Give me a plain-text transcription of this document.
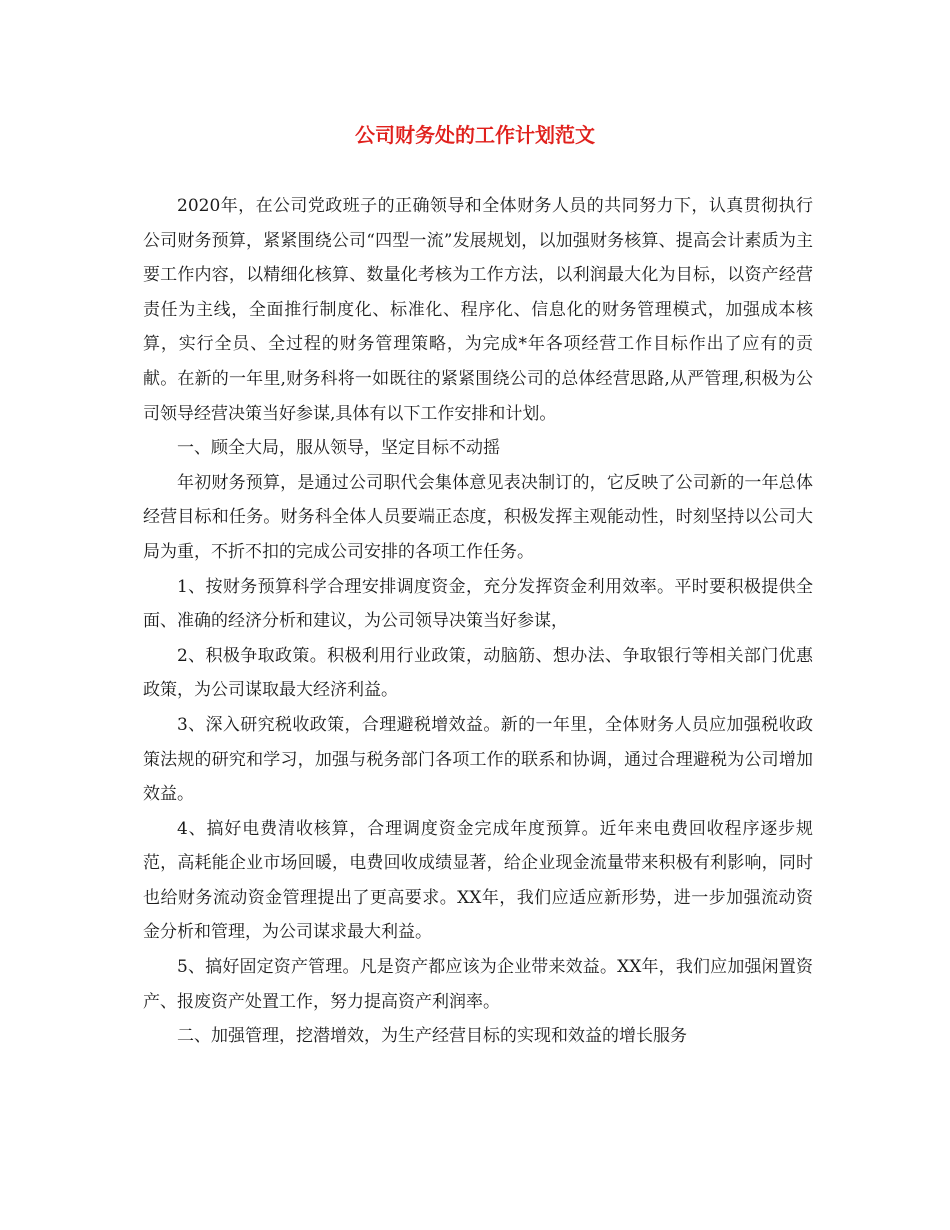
公司财务处的工作计划范文

2020年，在公司党政班子的正确领导和全体财务人员的共同努力下，认真贯彻执行公司财务预算，紧紧围绕公司“四型一流”发展规划，以加强财务核算、提高会计素质为主要工作内容，以精细化核算、数量化考核为工作方法，以利润最大化为目标，以资产经营责任为主线，全面推行制度化、标准化、程序化、信息化的财务管理模式，加强成本核算，实行全员、全过程的财务管理策略，为完成*年各项经营工作目标作出了应有的贡献。在新的一年里,财务科将一如既往的紧紧围绕公司的总体经营思路,从严管理,积极为公司领导经营决策当好参谋,具体有以下工作安排和计划。

一、顾全大局，服从领导，坚定目标不动摇

年初财务预算，是通过公司职代会集体意见表决制订的，它反映了公司新的一年总体经营目标和任务。财务科全体人员要端正态度，积极发挥主观能动性，时刻坚持以公司大局为重，不折不扣的完成公司安排的各项工作任务。

1、按财务预算科学合理安排调度资金，充分发挥资金利用效率。平时要积极提供全面、准确的经济分析和建议，为公司领导决策当好参谋，

2、积极争取政策。积极利用行业政策，动脑筋、想办法、争取银行等相关部门优惠政策，为公司谋取最大经济利益。

3、深入研究税收政策，合理避税增效益。新的一年里，全体财务人员应加强税收政策法规的研究和学习，加强与税务部门各项工作的联系和协调，通过合理避税为公司增加效益。

4、搞好电费清收核算，合理调度资金完成年度预算。近年来电费回收程序逐步规范，高耗能企业市场回暖，电费回收成绩显著，给企业现金流量带来积极有利影响，同时也给财务流动资金管理提出了更高要求。XX年，我们应适应新形势，进一步加强流动资金分析和管理，为公司谋求最大利益。

5、搞好固定资产管理。凡是资产都应该为企业带来效益。XX年，我们应加强闲置资产、报废资产处置工作，努力提高资产利润率。

二、加强管理，挖潜增效，为生产经营目标的实现和效益的增长服务
